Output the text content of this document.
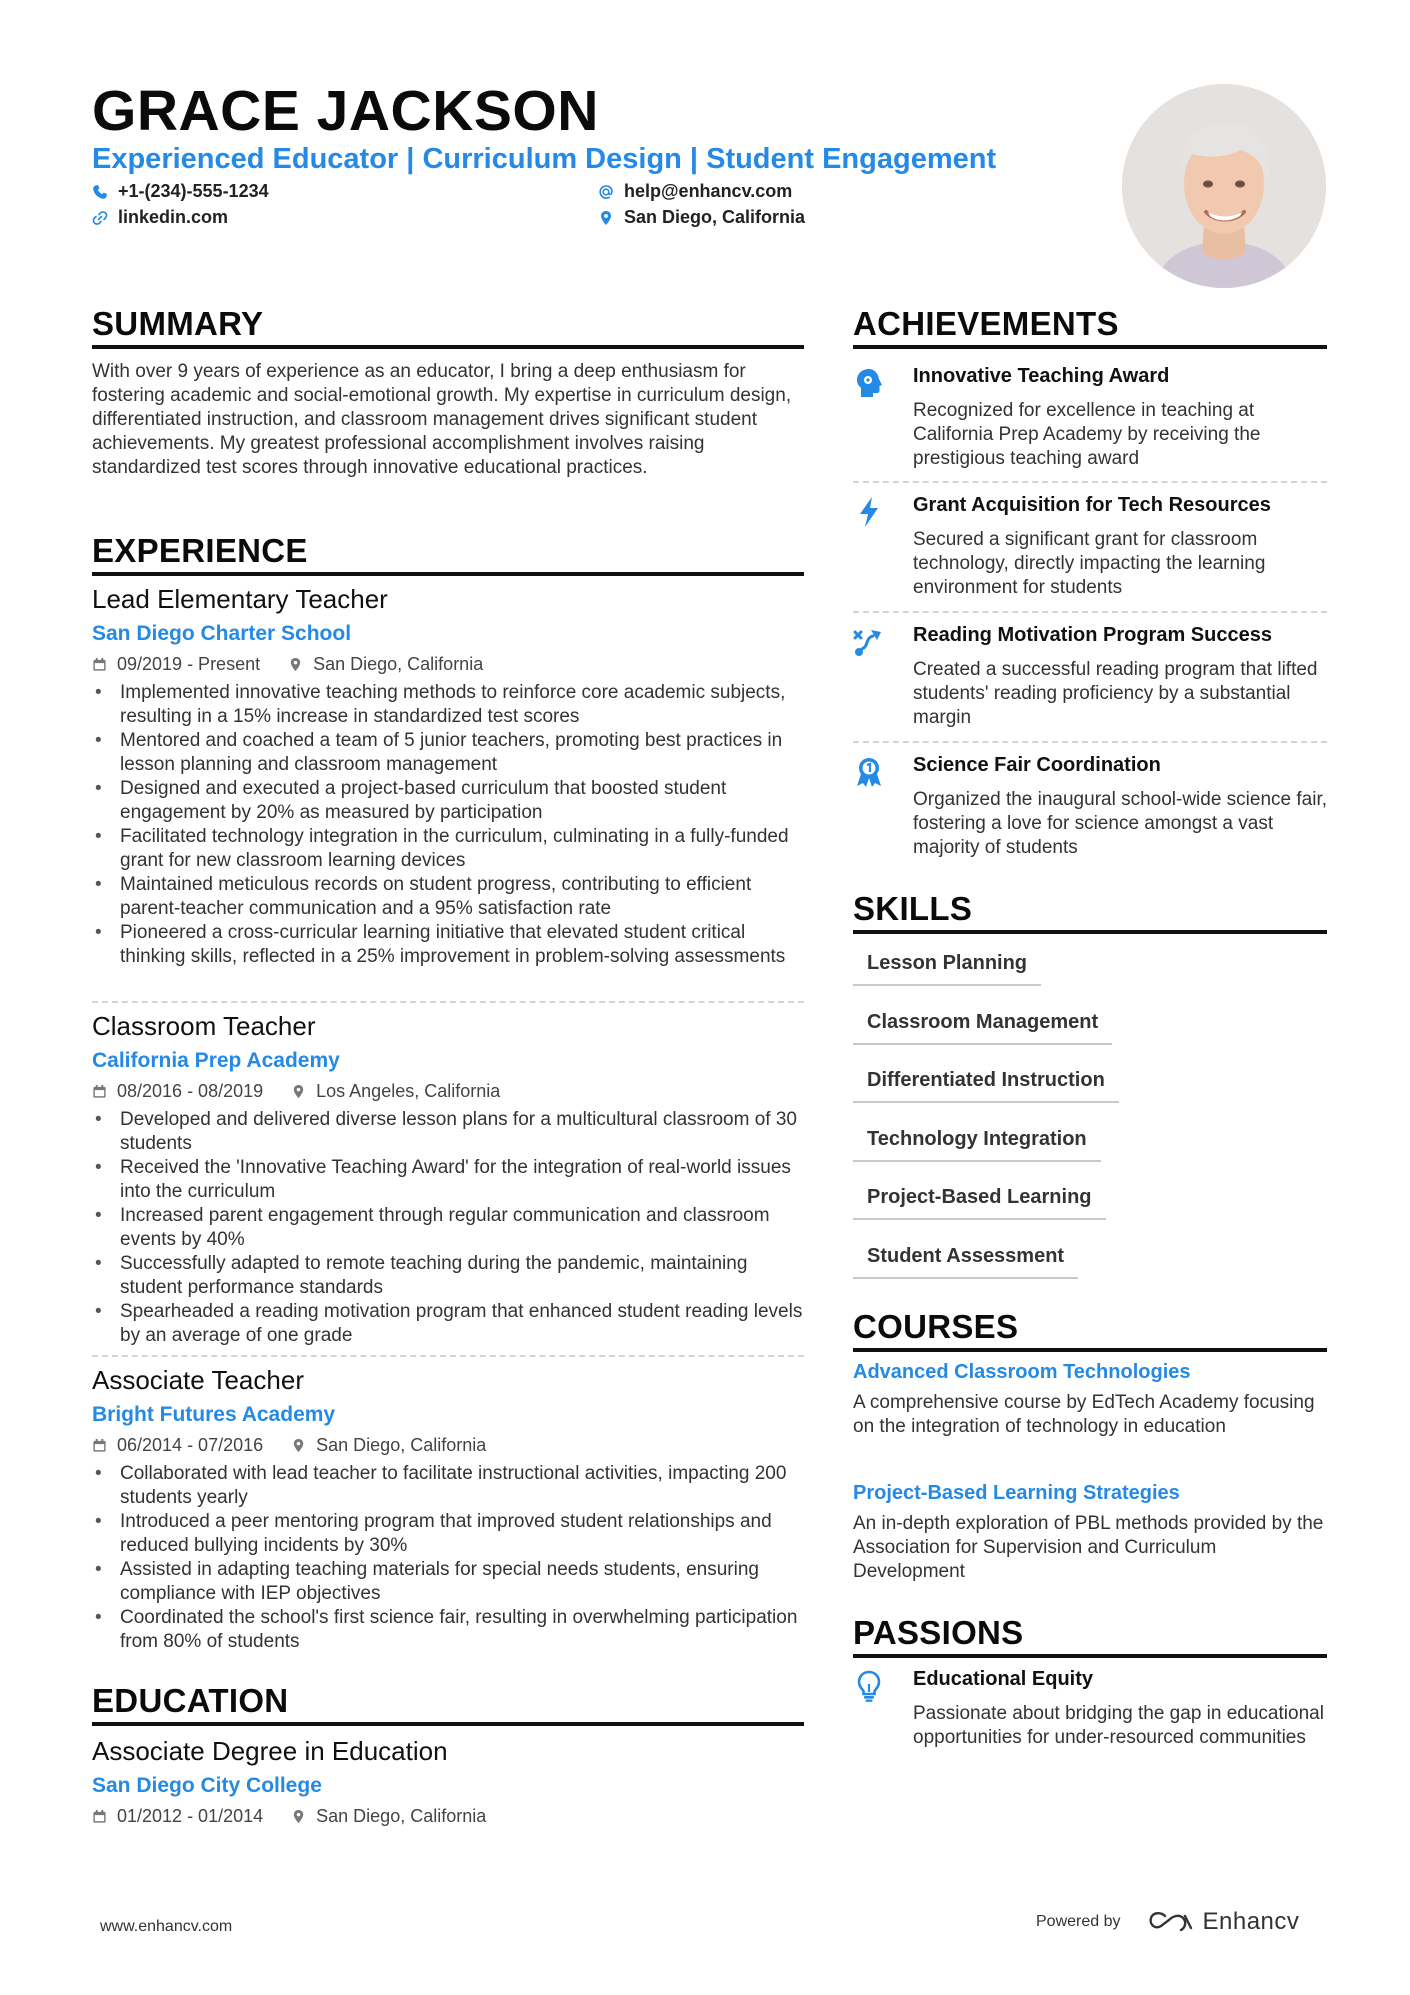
GRACE JACKSON
Experienced Educator | Curriculum Design | Student Engagement
+1-(234)-555-1234
linkedin.com
help@enhancv.com
San Diego, California
SUMMARY
With over 9 years of experience as an educator, I bring a deep enthusiasm for fostering academic and social-emotional growth. My expertise in curriculum design, differentiated instruction, and classroom management drives significant student achievements. My greatest professional accomplishment involves raising standardized test scores through innovative educational practices.
EXPERIENCE
Lead Elementary Teacher
San Diego Charter School
09/2019 - Present	San Diego, California
• Implemented innovative teaching methods to reinforce core academic subjects, resulting in a 15% increase in standardized test scores
• Mentored and coached a team of 5 junior teachers, promoting best practices in lesson planning and classroom management
• Designed and executed a project-based curriculum that boosted student engagement by 20% as measured by participation
• Facilitated technology integration in the curriculum, culminating in a fully-funded grant for new classroom learning devices
• Maintained meticulous records on student progress, contributing to efficient parent-teacher communication and a 95% satisfaction rate
• Pioneered a cross-curricular learning initiative that elevated student critical thinking skills, reflected in a 25% improvement in problem-solving assessments
Classroom Teacher
California Prep Academy
08/2016 - 08/2019	Los Angeles, California
• Developed and delivered diverse lesson plans for a multicultural classroom of 30 students
• Received the 'Innovative Teaching Award' for the integration of real-world issues into the curriculum
• Increased parent engagement through regular communication and classroom events by 40%
• Successfully adapted to remote teaching during the pandemic, maintaining student performance standards
• Spearheaded a reading motivation program that enhanced student reading levels by an average of one grade
Associate Teacher
Bright Futures Academy
06/2014 - 07/2016	San Diego, California
• Collaborated with lead teacher to facilitate instructional activities, impacting 200 students yearly
• Introduced a peer mentoring program that improved student relationships and reduced bullying incidents by 30%
• Assisted in adapting teaching materials for special needs students, ensuring compliance with IEP objectives
• Coordinated the school's first science fair, resulting in overwhelming participation from 80% of students
EDUCATION
Associate Degree in Education
San Diego City College
01/2012 - 01/2014	San Diego, California
ACHIEVEMENTS
Innovative Teaching Award
Recognized for excellence in teaching at California Prep Academy by receiving the prestigious teaching award
Grant Acquisition for Tech Resources
Secured a significant grant for classroom technology, directly impacting the learning environment for students
Reading Motivation Program Success
Created a successful reading program that lifted students' reading proficiency by a substantial margin
Science Fair Coordination
Organized the inaugural school-wide science fair, fostering a love for science amongst a vast majority of students
SKILLS
Lesson Planning
Classroom Management
Differentiated Instruction
Technology Integration
Project-Based Learning
Student Assessment
COURSES
Advanced Classroom Technologies
A comprehensive course by EdTech Academy focusing on the integration of technology in education
Project-Based Learning Strategies
An in-depth exploration of PBL methods provided by the Association for Supervision and Curriculum Development
PASSIONS
Educational Equity
Passionate about bridging the gap in educational opportunities for under-resourced communities
www.enhancv.com	Powered by	Enhancv
